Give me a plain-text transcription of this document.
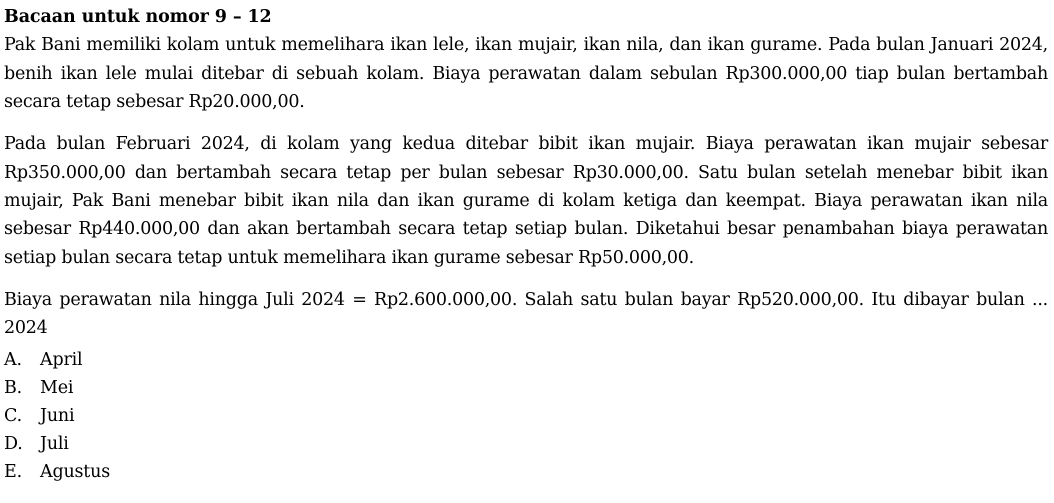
Bacaan untuk nomor 9 – 12

Pak Bani memiliki kolam untuk memelihara ikan lele, ikan mujair, ikan nila, dan ikan gurame. Pada bulan Januari 2024, benih ikan lele mulai ditebar di sebuah kolam. Biaya perawatan dalam sebulan Rp300.000,00 tiap bulan bertambah secara tetap sebesar Rp20.000,00.

Pada bulan Februari 2024, di kolam yang kedua ditebar bibit ikan mujair. Biaya perawatan ikan mujair sebesar Rp350.000,00 dan bertambah secara tetap per bulan sebesar Rp30.000,00. Satu bulan setelah menebar bibit ikan mujair, Pak Bani menebar bibit ikan nila dan ikan gurame di kolam ketiga dan keempat. Biaya perawatan ikan nila sebesar Rp440.000,00 dan akan bertambah secara tetap setiap bulan. Diketahui besar penambahan biaya perawatan setiap bulan secara tetap untuk memelihara ikan gurame sebesar Rp50.000,00.

Biaya perawatan nila hingga Juli 2024 = Rp2.600.000,00. Salah satu bulan bayar Rp520.000,00. Itu dibayar bulan ... 2024

A.	April
B.	Mei
C.	Juni
D. Juli
E.	Agustus
